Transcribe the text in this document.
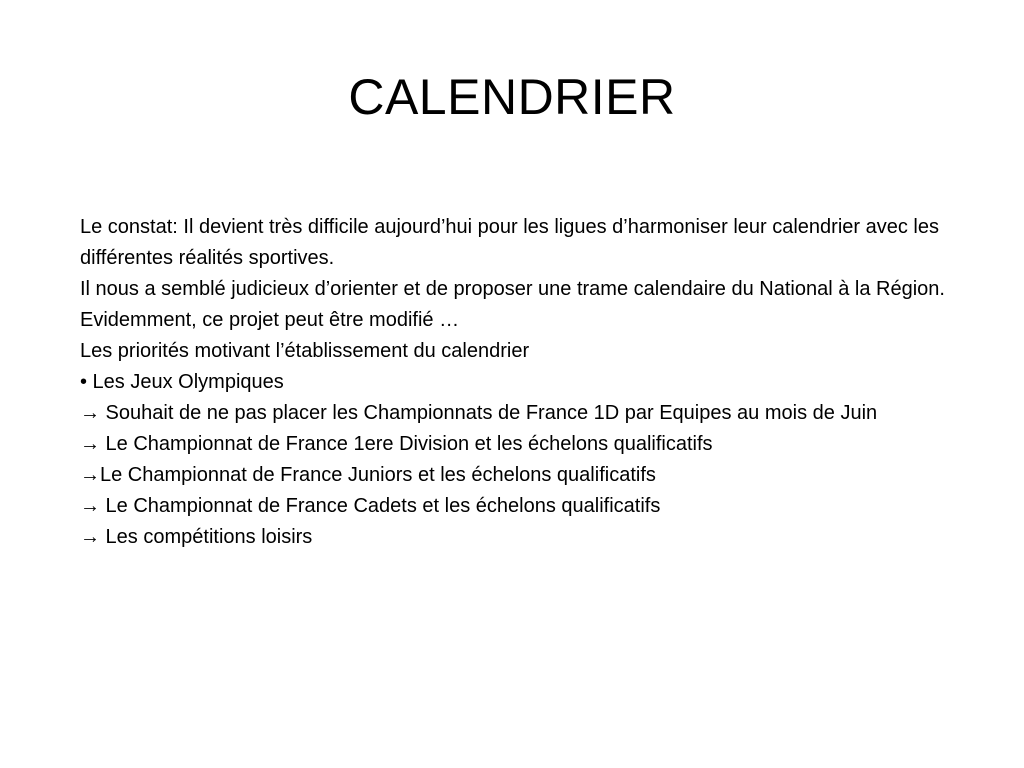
CALENDRIER

Le constat: Il devient très difficile aujourd’hui pour les ligues d’harmoniser leur calendrier avec les différentes réalités sportives.

Il nous a semblé judicieux d’orienter et de proposer une trame calendaire du National à la Région.

Evidemment, ce projet peut être modifié …

Les priorités motivant l’établissement du calendrier

• Les Jeux Olympiques

→ Souhait de ne pas placer les Championnats de France 1D par Equipes au mois de Juin

→ Le Championnat de France 1ere Division et les échelons qualificatifs

→Le Championnat de France Juniors et les échelons qualificatifs

→ Le Championnat de France Cadets et les échelons qualificatifs

→ Les compétitions loisirs
